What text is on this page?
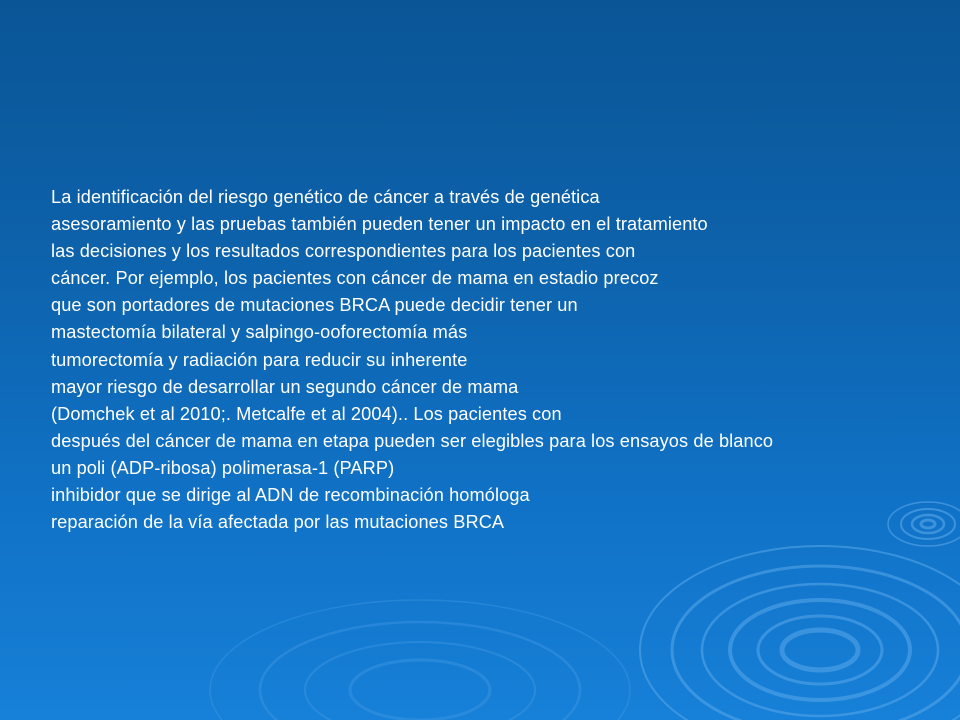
La identificación del riesgo genético de cáncer a través de genética
asesoramiento y las pruebas también pueden tener un impacto en el tratamiento
las decisiones y los resultados correspondientes para los pacientes con
cáncer. Por ejemplo, los pacientes con cáncer de mama en estadio precoz
que son portadores de mutaciones BRCA puede decidir tener un
mastectomía bilateral y salpingo-ooforectomía más
tumorectomía y radiación para reducir su inherente
mayor riesgo de desarrollar un segundo cáncer de mama
(Domchek et al 2010;. Metcalfe et al 2004).. Los pacientes con
después del cáncer de mama en etapa pueden ser elegibles para los ensayos de blanco
un poli (ADP-ribosa) polimerasa-1 (PARP)
inhibidor que se dirige al ADN de recombinación homóloga
reparación de la vía afectada por las mutaciones BRCA
